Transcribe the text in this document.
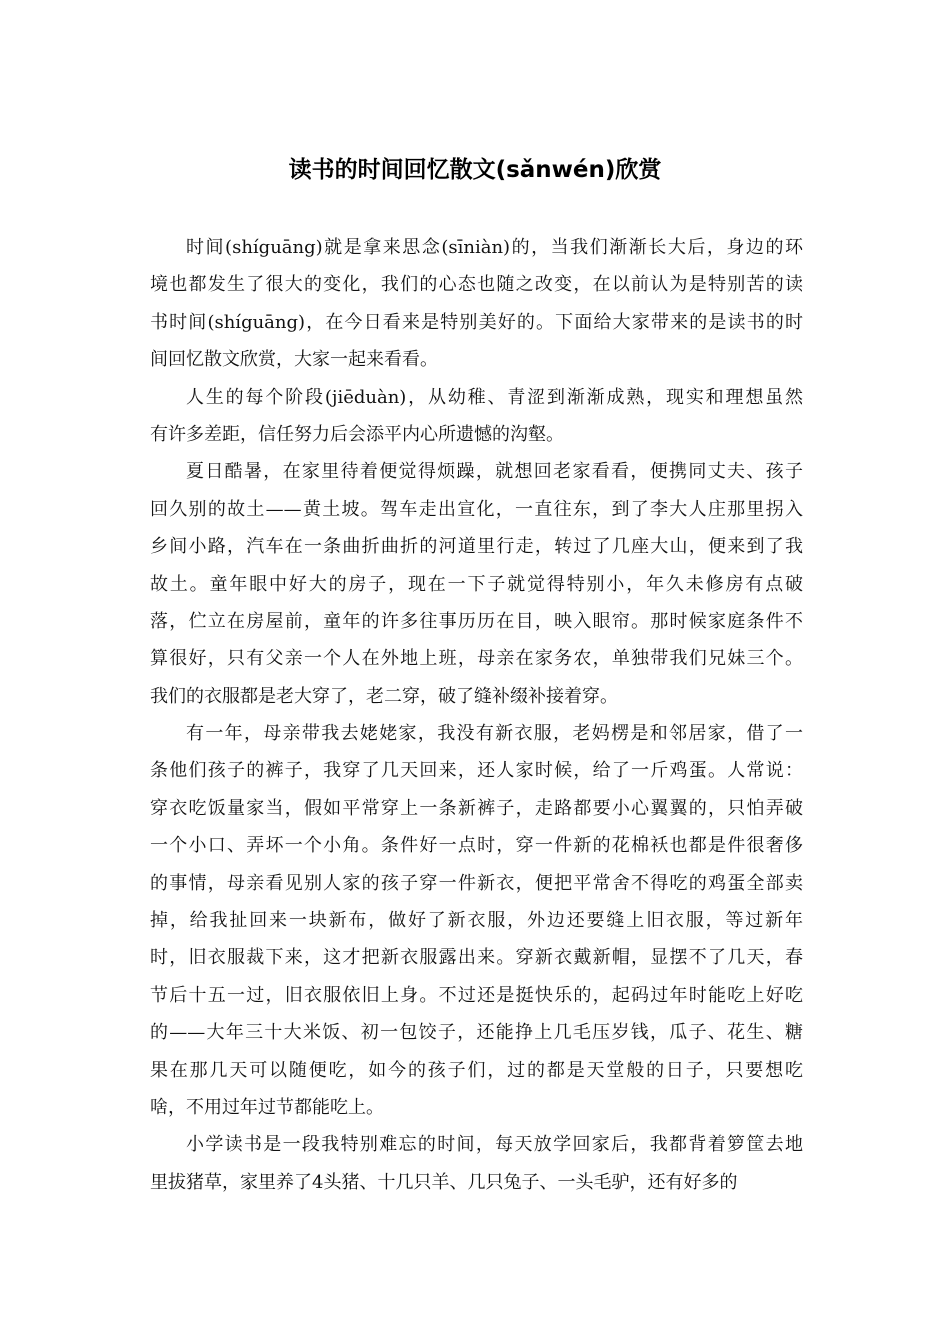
读书的时间回忆散文(sǎnwén)欣赏
时间(shíguāng)就是拿来思念(sīniàn)的，当我们渐渐长大后，身边的环
境也都发生了很大的变化，我们的心态也随之改变，在以前认为是特别苦的读
书时间(shíguāng)，在今日看来是特别美好的。下面给大家带来的是读书的时
间回忆散文欣赏，大家一起来看看。
人生的每个阶段(jiēduàn)，从幼稚、青涩到渐渐成熟，现实和理想虽然
有许多差距，信任努力后会添平内心所遗憾的沟壑。
夏日酷暑，在家里待着便觉得烦躁，就想回老家看看，便携同丈夫、孩子
回久别的故土——黄土坡。驾车走出宣化，一直往东，到了李大人庄那里拐入
乡间小路，汽车在一条曲折曲折的河道里行走，转过了几座大山，便来到了我
故土。童年眼中好大的房子，现在一下子就觉得特别小，年久未修房有点破
落，伫立在房屋前，童年的许多往事历历在目，映入眼帘。那时候家庭条件不
算很好，只有父亲一个人在外地上班，母亲在家务农，单独带我们兄妹三个。
我们的衣服都是老大穿了，老二穿，破了缝补缀补接着穿。
有一年，母亲带我去姥姥家，我没有新衣服，老妈楞是和邻居家，借了一
条他们孩子的裤子，我穿了几天回来，还人家时候，给了一斤鸡蛋。人常说：
穿衣吃饭量家当，假如平常穿上一条新裤子，走路都要小心翼翼的，只怕弄破
一个小口、弄坏一个小角。条件好一点时，穿一件新的花棉袄也都是件很奢侈
的事情，母亲看见别人家的孩子穿一件新衣，便把平常舍不得吃的鸡蛋全部卖
掉，给我扯回来一块新布，做好了新衣服，外边还要缝上旧衣服，等过新年
时，旧衣服裁下来，这才把新衣服露出来。穿新衣戴新帽，显摆不了几天，春
节后十五一过，旧衣服依旧上身。不过还是挺快乐的，起码过年时能吃上好吃
的——大年三十大米饭、初一包饺子，还能挣上几毛压岁钱，瓜子、花生、糖
果在那几天可以随便吃，如今的孩子们，过的都是天堂般的日子，只要想吃
啥，不用过年过节都能吃上。
小学读书是一段我特别难忘的时间，每天放学回家后，我都背着箩筐去地
里拔猪草，家里养了4头猪、十几只羊、几只兔子、一头毛驴，还有好多的
